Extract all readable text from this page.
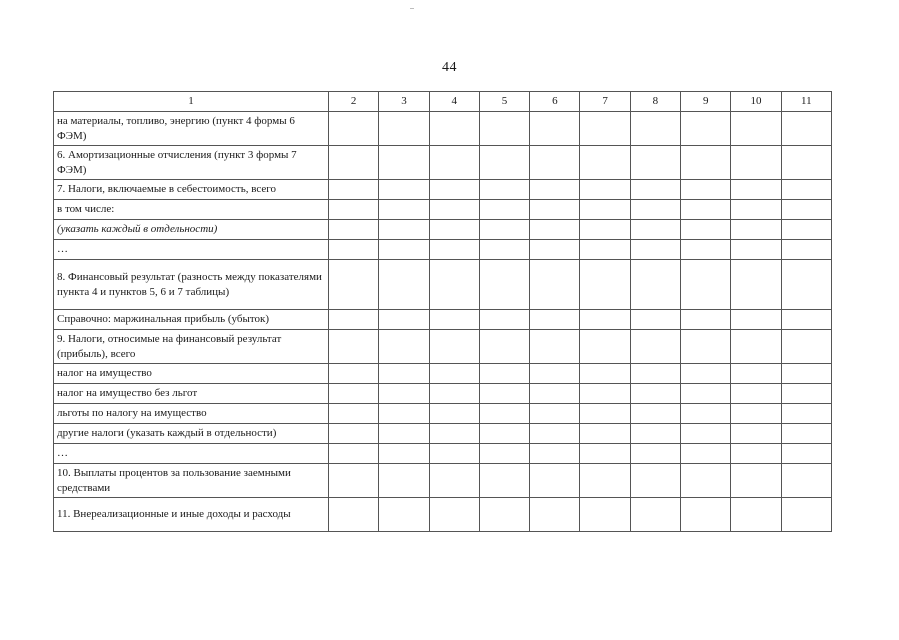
44
1	2	3	4	5	6	7	8	9	10	11
на материалы, топливо, энергию (пункт 4 формы 6 ФЭМ)										
6. Амортизационные отчисления (пункт 3 формы 7 ФЭМ)										
7. Налоги, включаемые в себестоимость, всего										
в том числе:										
(указать каждый в отдельности)										
…										
8. Финансовый результат (разность между показателями пункта 4 и пунктов 5, 6 и 7 таблицы)										
Справочно: маржинальная прибыль (убыток)										
9. Налоги, относимые на финансовый результат (прибыль), всего										
налог на имущество										
налог на имущество без льгот										
льготы по налогу на имущество										
другие налоги (указать каждый в отдельности)										
…										
10. Выплаты процентов за пользование заемными средствами										
11. Внереализационные и иные доходы и расходы										
